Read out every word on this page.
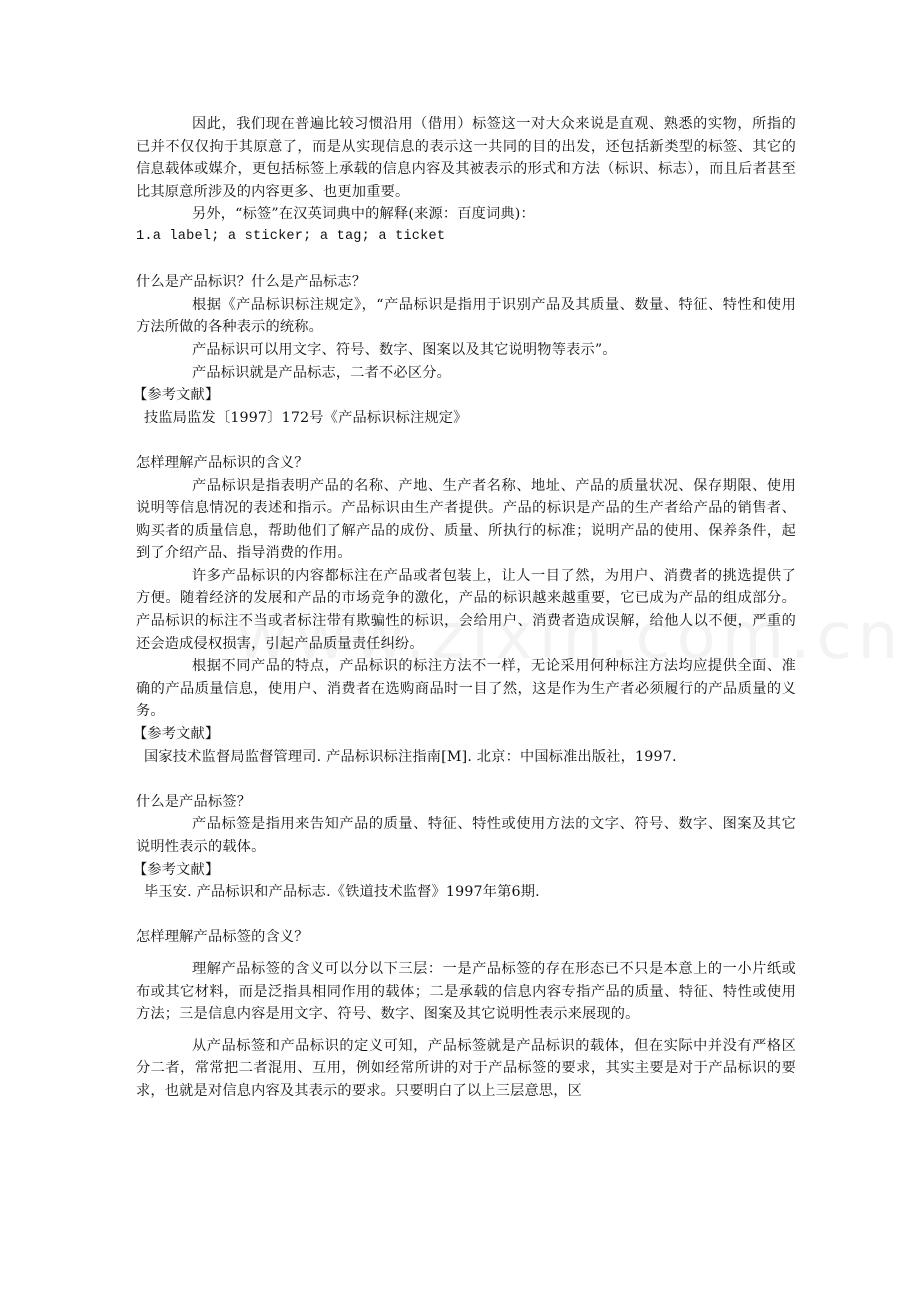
因此，我们现在普遍比较习惯沿用（借用）标签这一对大众来说是直观、熟悉的实物，所指的已并不仅仅拘于其原意了，而是从实现信息的表示这一共同的目的出发，还包括新类型的标签、其它的信息载体或媒介，更包括标签上承载的信息内容及其被表示的形式和方法（标识、标志），而且后者甚至比其原意所涉及的内容更多、也更加重要。

另外，“标签”在汉英词典中的解释(来源：百度词典)：

1.a label; a sticker; a tag; a ticket

什么是产品标识？什么是产品标志？

根据《产品标识标注规定》，“产品标识是指用于识别产品及其质量、数量、特征、特性和使用方法所做的各种表示的统称。

产品标识可以用文字、符号、数字、图案以及其它说明物等表示”。

产品标识就是产品标志，二者不必区分。

【参考文献】

技监局监发〔1997〕172号《产品标识标注规定》

怎样理解产品标识的含义？

产品标识是指表明产品的名称、产地、生产者名称、地址、产品的质量状况、保存期限、使用说明等信息情况的表述和指示。产品标识由生产者提供。产品的标识是产品的生产者给产品的销售者、购买者的质量信息，帮助他们了解产品的成份、质量、所执行的标准；说明产品的使用、保养条件，起到了介绍产品、指导消费的作用。

许多产品标识的内容都标注在产品或者包装上，让人一目了然，为用户、消费者的挑选提供了方便。随着经济的发展和产品的市场竞争的激化，产品的标识越来越重要，它已成为产品的组成部分。产品标识的标注不当或者标注带有欺骗性的标识，会给用户、消费者造成误解，给他人以不便，严重的还会造成侵权损害，引起产品质量责任纠纷。

根据不同产品的特点，产品标识的标注方法不一样，无论采用何种标注方法均应提供全面、准确的产品质量信息，使用户、消费者在选购商品时一目了然，这是作为生产者必须履行的产品质量的义务。

【参考文献】

国家技术监督局监督管理司. 产品标识标注指南[M]. 北京：中国标准出版社，1997.

什么是产品标签？

产品标签是指用来告知产品的质量、特征、特性或使用方法的文字、符号、数字、图案及其它说明性表示的载体。

【参考文献】

毕玉安. 产品标识和产品标志.《铁道技术监督》1997年第6期.

怎样理解产品标签的含义？

理解产品标签的含义可以分以下三层：一是产品标签的存在形态已不只是本意上的一小片纸或布或其它材料，而是泛指具相同作用的载体；二是承载的信息内容专指产品的质量、特征、特性或使用方法；三是信息内容是用文字、符号、数字、图案及其它说明性表示来展现的。

从产品标签和产品标识的定义可知，产品标签就是产品标识的载体，但在实际中并没有严格区分二者，常常把二者混用、互用，例如经常所讲的对于产品标签的要求，其实主要是对于产品标识的要求，也就是对信息内容及其表示的要求。只要明白了以上三层意思，区
